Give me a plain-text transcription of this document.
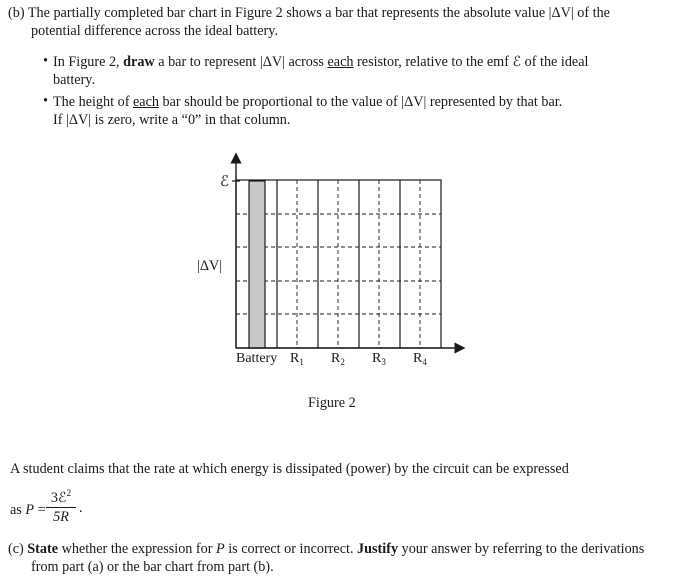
(b) The partially completed bar chart in Figure 2 shows a bar that represents the absolute value |ΔV| of the
potential difference across the ideal battery.
• In Figure 2, draw a bar to represent |ΔV| across each resistor, relative to the emf ℰ of the ideal
battery.
• The height of each bar should be proportional to the value of |ΔV| represented by that bar.
If |ΔV| is zero, write a “0” in that column.
ℰ
|ΔV|
Battery $R_1$ $R_2$ $R_3$ $R_4$
Figure 2
A student claims that the rate at which energy is dissipated (power) by the circuit can be expressed
as P =
3ℰ$^2$
5R
.
(c) State whether the expression for P is correct or incorrect. Justify your answer by referring to the derivations
from part (a) or the bar chart from part (b).
